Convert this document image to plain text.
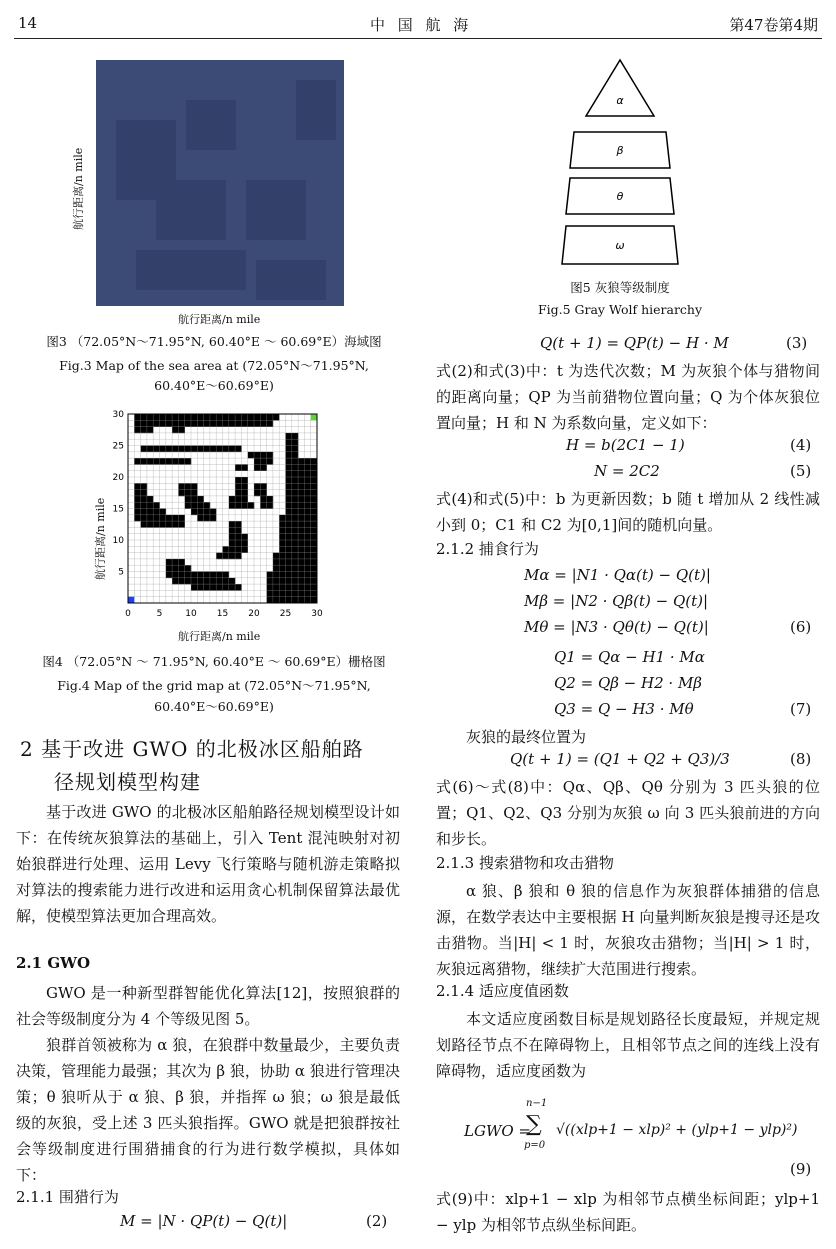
14	中 国 航 海	第47卷第4期
航行距离/n mile
航行距离/n mile
图3 （72.05°N～71.95°N, 60.40°E ～ 60.69°E）海域图
Fig.3 Map of the sea area at (72.05°N～71.95°N,
60.40°E～60.69°E)
0	5	10 15 20 25 30
5
10
15
20
25
30
航行距离/n mile
航行距离/n mile
图4 （72.05°N ～ 71.95°N, 60.40°E ～ 60.69°E）栅格图
Fig.4 Map of the grid map at (72.05°N～71.95°N,
60.40°E～60.69°E)
2 基于改进 GWO 的北极冰区船舶路
径规划模型构建
基于改进 GWO 的北极冰区船舶路径规划模型设计如下：在传统灰狼算法的基础上，引入 Tent 混沌映射对初始狼群进行处理、运用 Levy 飞行策略与随机游走策略拟对算法的搜索能力进行改进和运用贪心机制保留算法最优解，使模型算法更加合理高效。
2.1 GWO
GWO 是一种新型群智能优化算法[12]，按照狼群的社会等级制度分为 4 个等级见图 5。
狼群首领被称为 α 狼，在狼群中数量最少，主要负责决策，管理能力最强；其次为 β 狼，协助 α 狼进行管理决策；θ 狼听从于 α 狼、β 狼，并指挥 ω 狼；ω 狼是最低级的灰狼，受上述 3 匹头狼指挥。GWO 就是把狼群按社会等级制度进行围猎捕食的行为进行数学模拟，具体如下：
2.1.1 围猎行为
M = |N · QP(t) − Q(t)|	(2)
α
β
θ
ω
图5 灰狼等级制度
Fig.5 Gray Wolf hierarchy
Q(t + 1) = QP(t) − H · M	(3)
式(2)和式(3)中：t 为迭代次数；M 为灰狼个体与猎物间的距离向量；QP 为当前猎物位置向量；Q 为个体灰狼位置向量；H 和 N 为系数向量，定义如下：
H = b(2C1 − 1)	(4)
N = 2C2	(5)
式(4)和式(5)中：b 为更新因数；b 随 t 增加从 2 线性减小到 0；C1 和 C2 为[0,1]间的随机向量。
2.1.2 捕食行为
Mα = |N1 · Qα(t) − Q(t)|
Mβ = |N2 · Qβ(t) − Q(t)|
Mθ = |N3 · Qθ(t) − Q(t)|	(6)
Q1 = Qα − H1 · Mα
Q2 = Qβ − H2 · Mβ
Q3 = Q − H3 · Mθ	(7)
灰狼的最终位置为
Q(t + 1) = (Q1 + Q2 + Q3)/3	(8)
式(6)～式(8)中：Qα、Qβ、Qθ 分别为 3 匹头狼的位置；Q1、Q2、Q3 分别为灰狼 ω 向 3 匹头狼前进的方向和步长。
2.1.3 搜索猎物和攻击猎物
α 狼、β 狼和 θ 狼的信息作为灰狼群体捕猎的信息源，在数学表达中主要根据 H 向量判断灰狼是搜寻还是攻击猎物。当|H| < 1 时，灰狼攻击猎物；当|H| > 1 时，灰狼远离猎物，继续扩大范围进行搜索。
2.1.4 适应度值函数
本文适应度函数目标是规划路径长度最短，并规定规划路径节点不在障碍物上，且相邻节点之间的连线上没有障碍物，适应度函数为
LGWO =
n−1
∑
p=0
√((xlp+1 − xlp)² + (ylp+1 − ylp)²)
(9)
式(9)中：xlp+1 − xlp 为相邻节点横坐标间距；ylp+1 − ylp 为相邻节点纵坐标间距。
